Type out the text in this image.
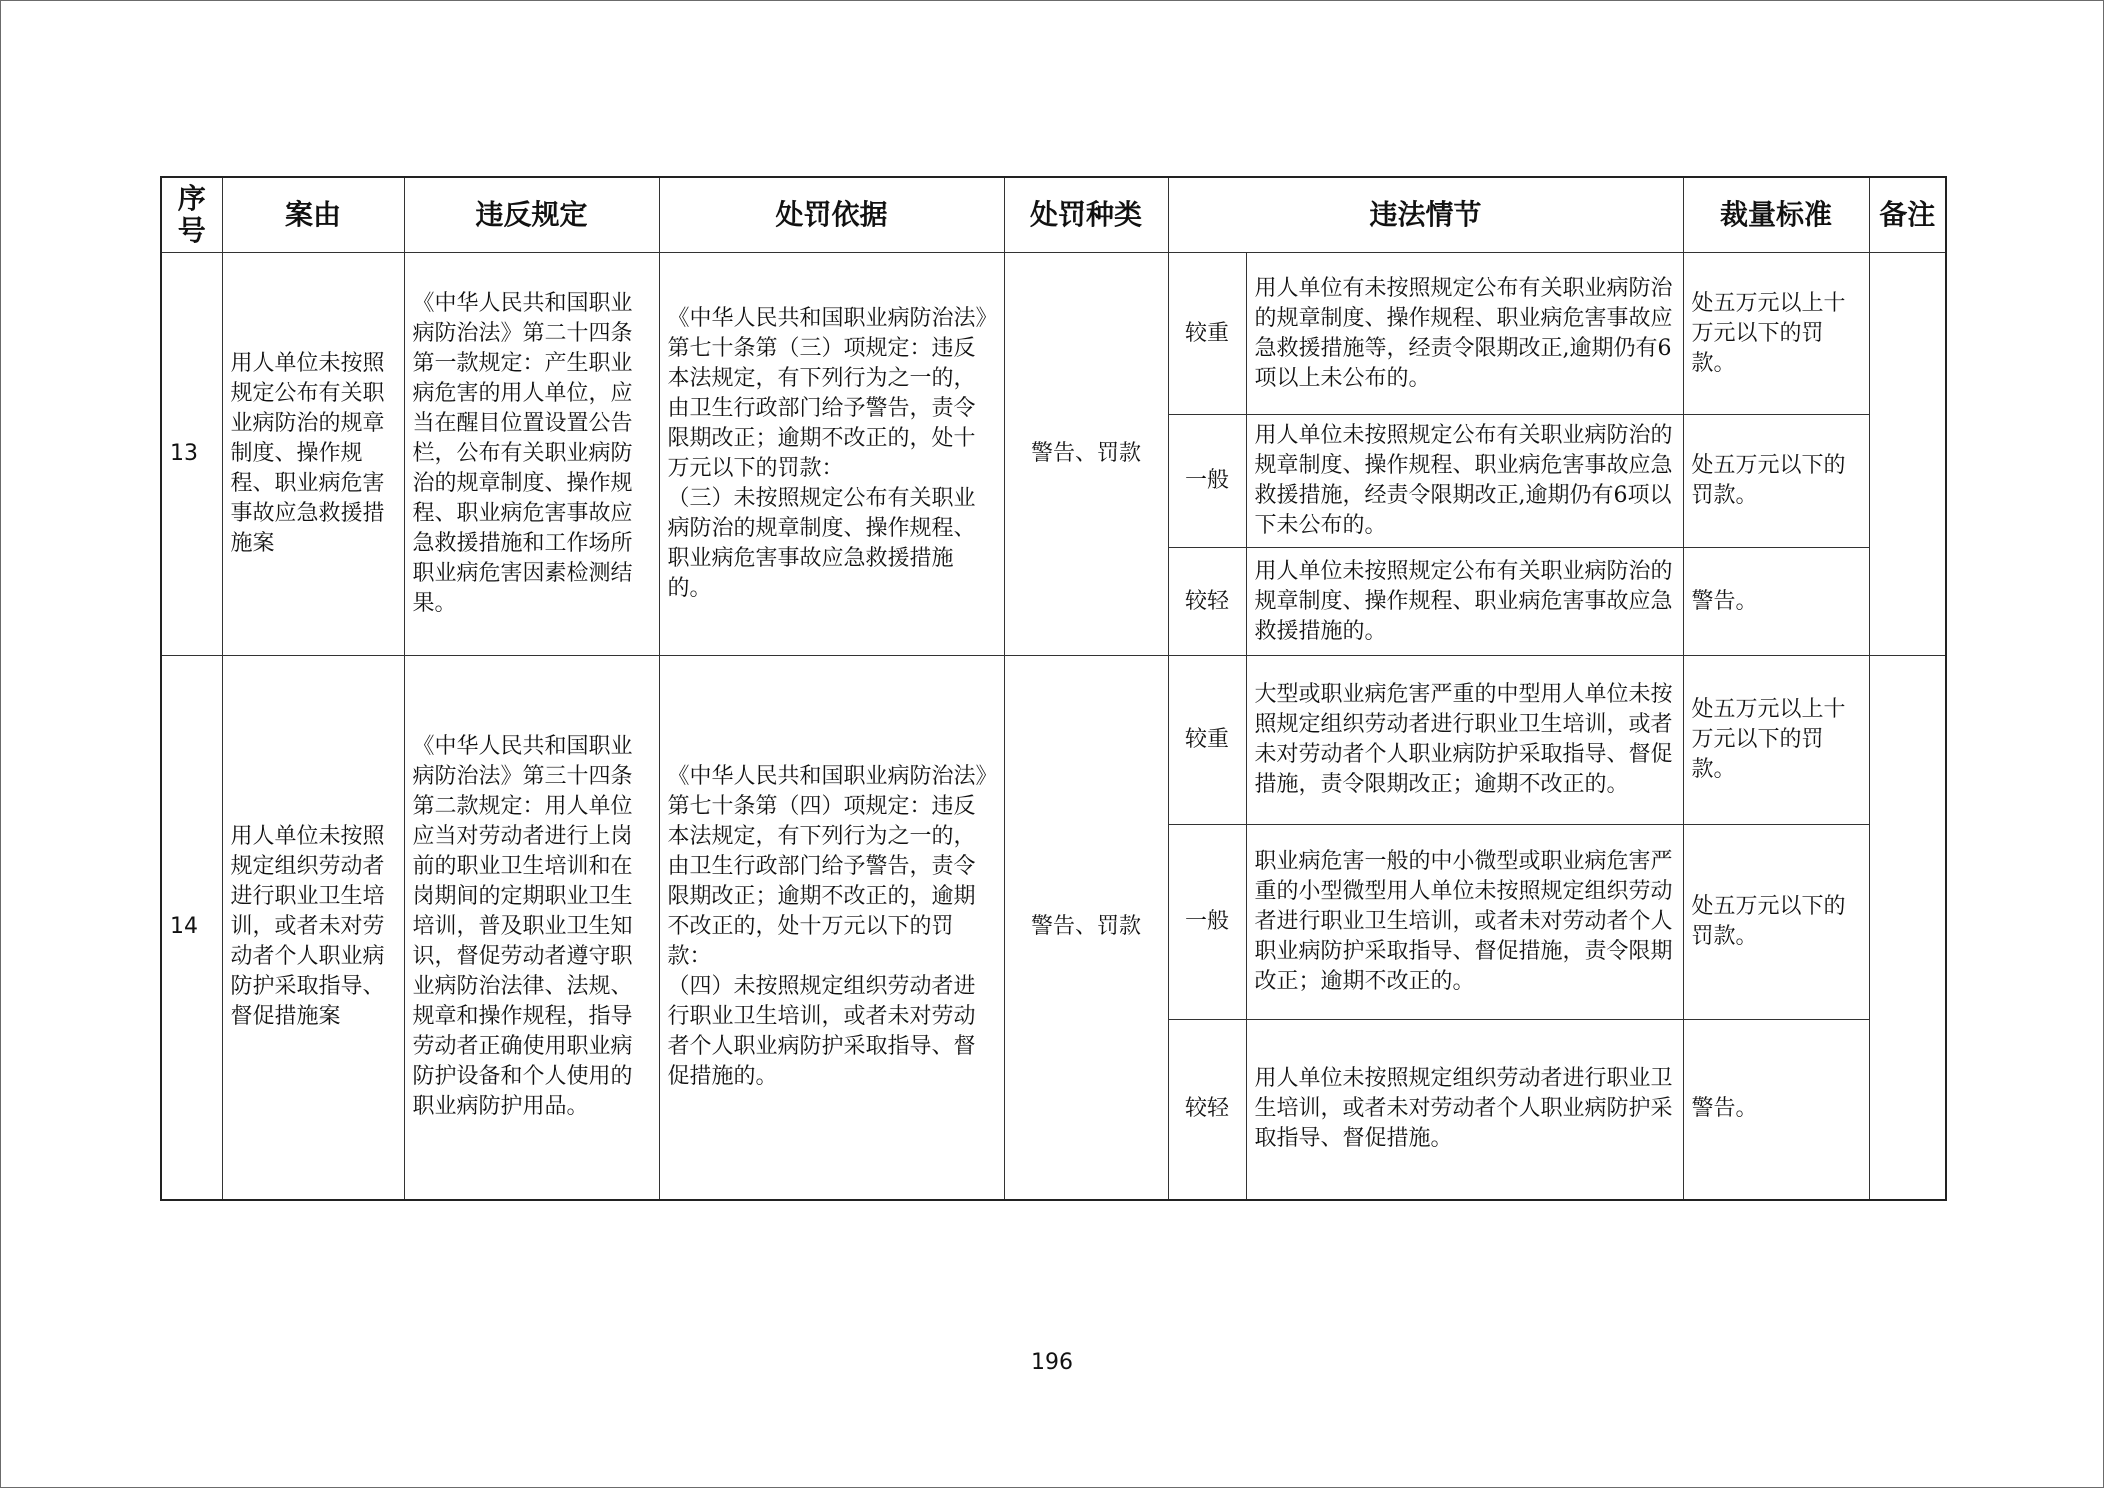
序号	案由	违反规定	处罚依据	处罚种类	违法情节		裁量标准	备注
13	用人单位未按照规定公布有关职业病防治的规章制度、操作规程、职业病危害事故应急救援措施案	《中华人民共和国职业病防治法》第二十四条第一款规定：产生职业病危害的用人单位，应当在醒目位置设置公告栏，公布有关职业病防治的规章制度、操作规程、职业病危害事故应急救援措施和工作场所职业病危害因素检测结果。	《中华人民共和国职业病防治法》第七十条第（三）项规定：违反本法规定，有下列行为之一的，由卫生行政部门给予警告，责令限期改正；逾期不改正的，处十万元以下的罚款：
（三）未按照规定公布有关职业病防治的规章制度、操作规程、职业病危害事故应急救援措施的。	警告、罚款	较重	用人单位有未按照规定公布有关职业病防治的规章制度、操作规程、职业病危害事故应急救援措施等，经责令限期改正,逾期仍有6项以上未公布的。	处五万元以上十万元以下的罚款。	
					一般	用人单位未按照规定公布有关职业病防治的规章制度、操作规程、职业病危害事故应急救援措施，经责令限期改正,逾期仍有6项以下未公布的。	处五万元以下的罚款。	
					较轻	用人单位未按照规定公布有关职业病防治的规章制度、操作规程、职业病危害事故应急救援措施的。	警告。	
14	用人单位未按照规定组织劳动者进行职业卫生培训，或者未对劳动者个人职业病防护采取指导、督促措施案	《中华人民共和国职业病防治法》第三十四条第二款规定：用人单位应当对劳动者进行上岗前的职业卫生培训和在岗期间的定期职业卫生培训，普及职业卫生知识，督促劳动者遵守职业病防治法律、法规、规章和操作规程，指导劳动者正确使用职业病防护设备和个人使用的职业病防护用品。	《中华人民共和国职业病防治法》第七十条第（四）项规定：违反本法规定，有下列行为之一的，由卫生行政部门给予警告，责令限期改正；逾期不改正的，逾期不改正的，处十万元以下的罚款：
（四）未按照规定组织劳动者进行职业卫生培训，或者未对劳动者个人职业病防护采取指导、督促措施的。	警告、罚款	较重	大型或职业病危害严重的中型用人单位未按照规定组织劳动者进行职业卫生培训，或者未对劳动者个人职业病防护采取指导、督促措施，责令限期改正；逾期不改正的。	处五万元以上十万元以下的罚款。	
					一般	职业病危害一般的中小微型或职业病危害严重的小型微型用人单位未按照规定组织劳动者进行职业卫生培训，或者未对劳动者个人职业病防护采取指导、督促措施，责令限期改正；逾期不改正的。	处五万元以下的罚款。	
					较轻	用人单位未按照规定组织劳动者进行职业卫生培训，或者未对劳动者个人职业病防护采取指导、督促措施。	警告。	
196
